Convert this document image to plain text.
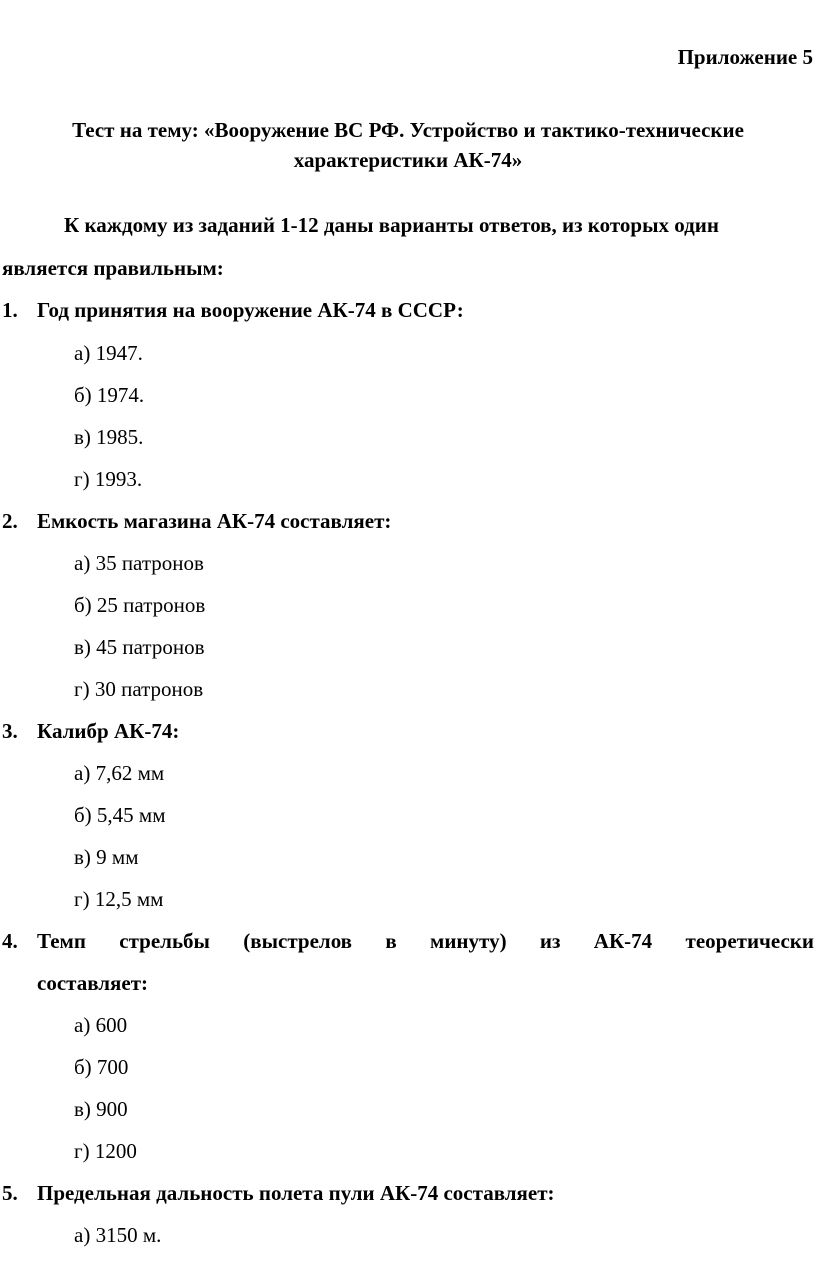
Приложение 5
Тест на тему: «Вооружение ВС РФ. Устройство и тактико-технические
характеристики АК-74»
К каждому из заданий 1-12 даны варианты ответов, из которых один
является правильным:
1. Год принятия на вооружение АК-74 в СССР:
а) 1947.
б) 1974.
в) 1985.
г) 1993.
2. Емкость магазина АК-74 составляет:
а) 35 патронов
б) 25 патронов
в) 45 патронов
г) 30 патронов
3. Калибр АК-74:
а) 7,62 мм
б) 5,45 мм
в) 9 мм
г) 12,5 мм
4. Темп стрельбы (выстрелов в минуту) из АК-74 теоретически
составляет:
а) 600
б) 700
в) 900
г) 1200
5. Предельная дальность полета пули АК-74 составляет:
а) 3150 м.
